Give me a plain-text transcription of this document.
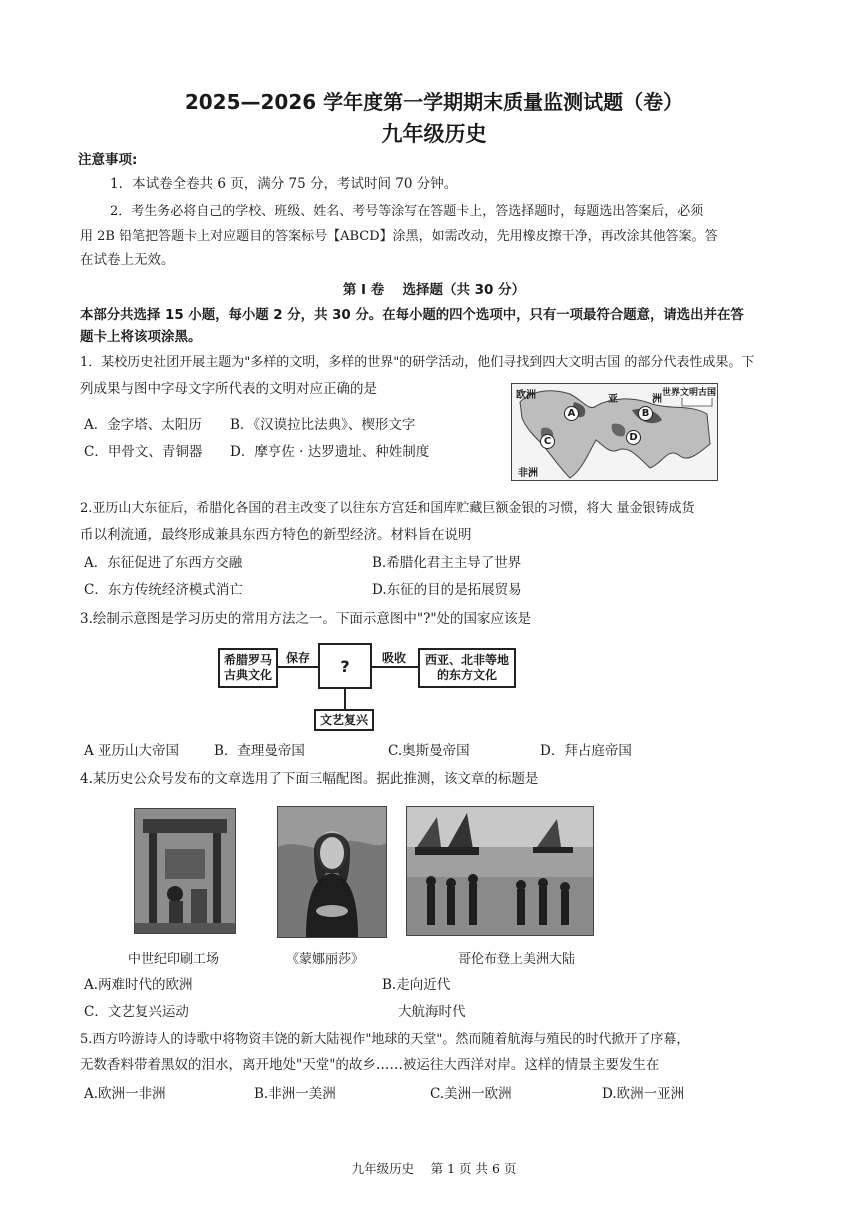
2025—2026 学年度第一学期期末质量监测试题（卷）
九年级历史
注意事项:
1．本试卷全卷共 6 页，满分 75 分，考试时间 70 分钟。
2．考生务必将自己的学校、班级、姓名、考号等涂写在答题卡上，答选择题时，每题选出答案后，必须
用 2B 铅笔把答题卡上对应题目的答案标号【ABCD】涂黑，如需改动，先用橡皮擦干净，再改涂其他答案。答
在试卷上无效。
第 I 卷　 选择题（共 30 分）
本部分共选择 15 小题，每小题 2 分，共 30 分。在每小题的四个选项中，只有一项最符合题意，请选出并在答
题卡上将该项涂黑。
1．某校历史社团开展主题为"多样的文明，多样的世界"的研学活动，他们寻找到四大文明古国 的部分代表性成果。下
列成果与图中字母文字所代表的文明对应正确的是
A．金字塔、太阳历 B．《汉谟拉比法典》、楔形文字
C．甲骨文、青铜器 D．摩亨佐 · 达罗遗址、种姓制度
欧洲	亚	洲
非洲
世界文明古国
A	B
C	D
2.亚历山大东征后，希腊化各国的君主改变了以往东方宫廷和国库贮藏巨额金银的习惯，将大 量金银铸成货
币以利流通，最终形成兼具东西方特色的新型经济。材料旨在说明
A．东征促进了东西方交融	B.希腊化君主主导了世界
C．东方传统经济模式消亡	D.东征的目的是拓展贸易
3.绘制示意图是学习历史的常用方法之一。下面示意图中"?"处的国家应该是
希腊罗马
古典文化
保存	?	吸收 西亚、北非等地
的东方文化
文艺复兴
A 亚历山大帝国	B．查理曼帝国	C.奥斯曼帝国	D．拜占庭帝国
4.某历史公众号发布的文章选用了下面三幅配图。据此推测，该文章的标题是
中世纪印刷工场	《蒙娜丽莎》	哥伦布登上美洲大陆
A.两难时代的欧洲	B.走向近代
C．文艺复兴运动	大航海时代
5.西方吟游诗人的诗歌中将物资丰饶的新大陆视作"地球的天堂"。然而随着航海与殖民的时代掀开了序幕，
无数香料带着黑奴的泪水，离开地处"天堂"的故乡……被运往大西洋对岸。这样的情景主要发生在
A.欧洲一非洲	B.非洲一美洲	C.美洲一欧洲	D.欧洲一亚洲
九年级历史　 第 1 页 共 6 页
